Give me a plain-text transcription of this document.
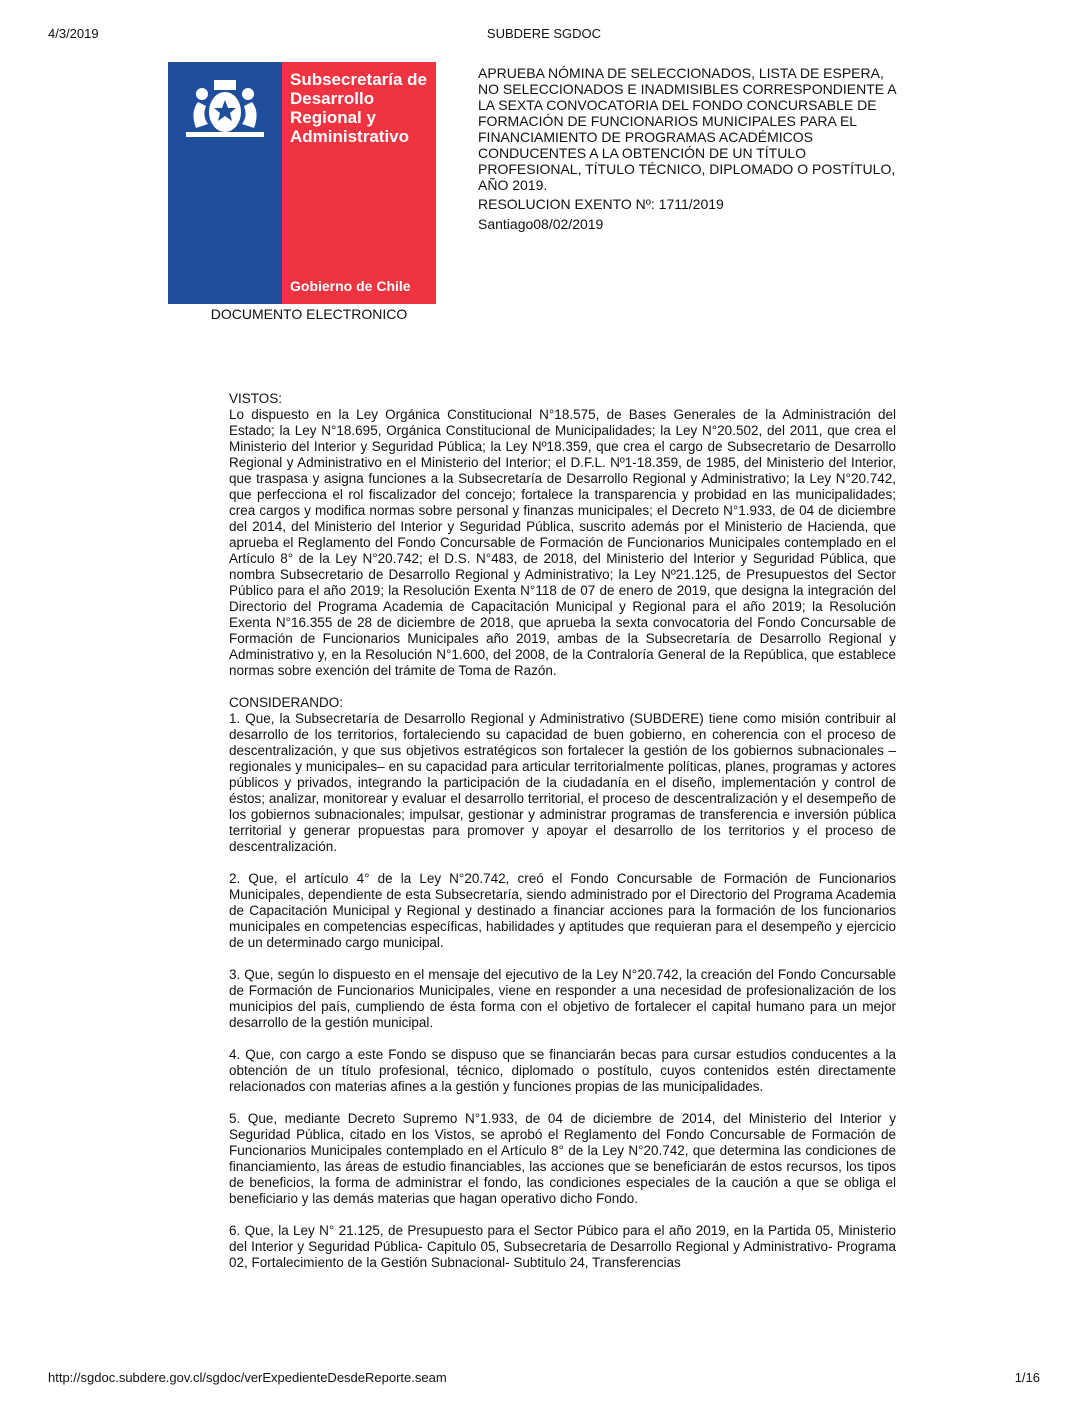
4/3/2019	SUBDERE SGDOC
Subsecretaría de Desarrollo Regional y Administrativo
Gobierno de Chile
DOCUMENTO ELECTRONICO
APRUEBA NÓMINA DE SELECCIONADOS, LISTA DE ESPERA, NO SELECCIONADOS E INADMISIBLES CORRESPONDIENTE A LA SEXTA CONVOCATORIA DEL FONDO CONCURSABLE DE FORMACIÓN DE FUNCIONARIOS MUNICIPALES PARA EL FINANCIAMIENTO DE PROGRAMAS ACADÉMICOS CONDUCENTES A LA OBTENCIÓN DE UN TÍTULO PROFESIONAL, TÍTULO TÉCNICO, DIPLOMADO O POSTÍTULO, AÑO 2019.
RESOLUCION EXENTO Nº: 1711/2019
Santiago08/02/2019

VISTOS:

Lo dispuesto en la Ley Orgánica Constitucional N°18.575, de Bases Generales de la Administración del Estado; la Ley N°18.695, Orgánica Constitucional de Municipalidades; la Ley N°20.502, del 2011, que crea el Ministerio del Interior y Seguridad Pública; la Ley Nº18.359, que crea el cargo de Subsecretario de Desarrollo Regional y Administrativo en el Ministerio del Interior; el D.F.L. Nº1-18.359, de 1985, del Ministerio del Interior, que traspasa y asigna funciones a la Subsecretaría de Desarrollo Regional y Administrativo; la Ley N°20.742, que perfecciona el rol fiscalizador del concejo; fortalece la transparencia y probidad en las municipalidades; crea cargos y modifica normas sobre personal y finanzas municipales; el Decreto N°1.933, de 04 de diciembre del 2014, del Ministerio del Interior y Seguridad Pública, suscrito además por el Ministerio de Hacienda, que aprueba el Reglamento del Fondo Concursable de Formación de Funcionarios Municipales contemplado en el Artículo 8° de la Ley N°20.742; el D.S. N°483, de 2018, del Ministerio del Interior y Seguridad Pública, que nombra Subsecretario de Desarrollo Regional y Administrativo; la Ley Nº21.125, de Presupuestos del Sector Público para el año 2019; la Resolución Exenta N°118 de 07 de enero de 2019, que designa la integración del Directorio del Programa Academia de Capacitación Municipal y Regional para el año 2019; la Resolución Exenta N°16.355 de 28 de diciembre de 2018, que aprueba la sexta convocatoria del Fondo Concursable de Formación de Funcionarios Municipales año 2019, ambas de la Subsecretaría de Desarrollo Regional y Administrativo y, en la Resolución N°1.600, del 2008, de la Contraloría General de la República, que establece normas sobre exención del trámite de Toma de Razón.

CONSIDERANDO:

1. Que, la Subsecretaría de Desarrollo Regional y Administrativo (SUBDERE) tiene como misión contribuir al desarrollo de los territorios, fortaleciendo su capacidad de buen gobierno, en coherencia con el proceso de descentralización, y que sus objetivos estratégicos son fortalecer la gestión de los gobiernos subnacionales –regionales y municipales– en su capacidad para articular territorialmente políticas, planes, programas y actores públicos y privados, integrando la participación de la ciudadanía en el diseño, implementación y control de éstos; analizar, monitorear y evaluar el desarrollo territorial, el proceso de descentralización y el desempeño de los gobiernos subnacionales; impulsar, gestionar y administrar programas de transferencia e inversión pública territorial y generar propuestas para promover y apoyar el desarrollo de los territorios y el proceso de descentralización.

2. Que, el artículo 4° de la Ley N°20.742, creó el Fondo Concursable de Formación de Funcionarios Municipales, dependiente de esta Subsecretaría, siendo administrado por el Directorio del Programa Academia de Capacitación Municipal y Regional y destinado a financiar acciones para la formación de los funcionarios municipales en competencias específicas, habilidades y aptitudes que requieran para el desempeño y ejercicio de un determinado cargo municipal.

3. Que, según lo dispuesto en el mensaje del ejecutivo de la Ley N°20.742, la creación del Fondo Concursable de Formación de Funcionarios Municipales, viene en responder a una necesidad de profesionalización de los municipios del país, cumpliendo de ésta forma con el objetivo de fortalecer el capital humano para un mejor desarrollo de la gestión municipal.

4. Que, con cargo a este Fondo se dispuso que se financiarán becas para cursar estudios conducentes a la obtención de un título profesional, técnico, diplomado o postítulo, cuyos contenidos estén directamente relacionados con materias afines a la gestión y funciones propias de las municipalidades.

5. Que, mediante Decreto Supremo N°1.933, de 04 de diciembre de 2014, del Ministerio del Interior y Seguridad Pública, citado en los Vistos, se aprobó el Reglamento del Fondo Concursable de Formación de Funcionarios Municipales contemplado en el Artículo 8° de la Ley N°20.742, que determina las condiciones de financiamiento, las áreas de estudio financiables, las acciones que se beneficiarán de estos recursos, los tipos de beneficios, la forma de administrar el fondo, las condiciones especiales de la caución a que se obliga el beneficiario y las demás materias que hagan operativo dicho Fondo.

6. Que, la Ley N° 21.125, de Presupuesto para el Sector Púbico para el año 2019, en la Partida 05, Ministerio del Interior y Seguridad Pública- Capitulo 05, Subsecretaria de Desarrollo Regional y Administrativo- Programa 02, Fortalecimiento de la Gestión Subnacional- Subtitulo 24, Transferencias

http://sgdoc.subdere.gov.cl/sgdoc/verExpedienteDesdeReporte.seam	1/16
